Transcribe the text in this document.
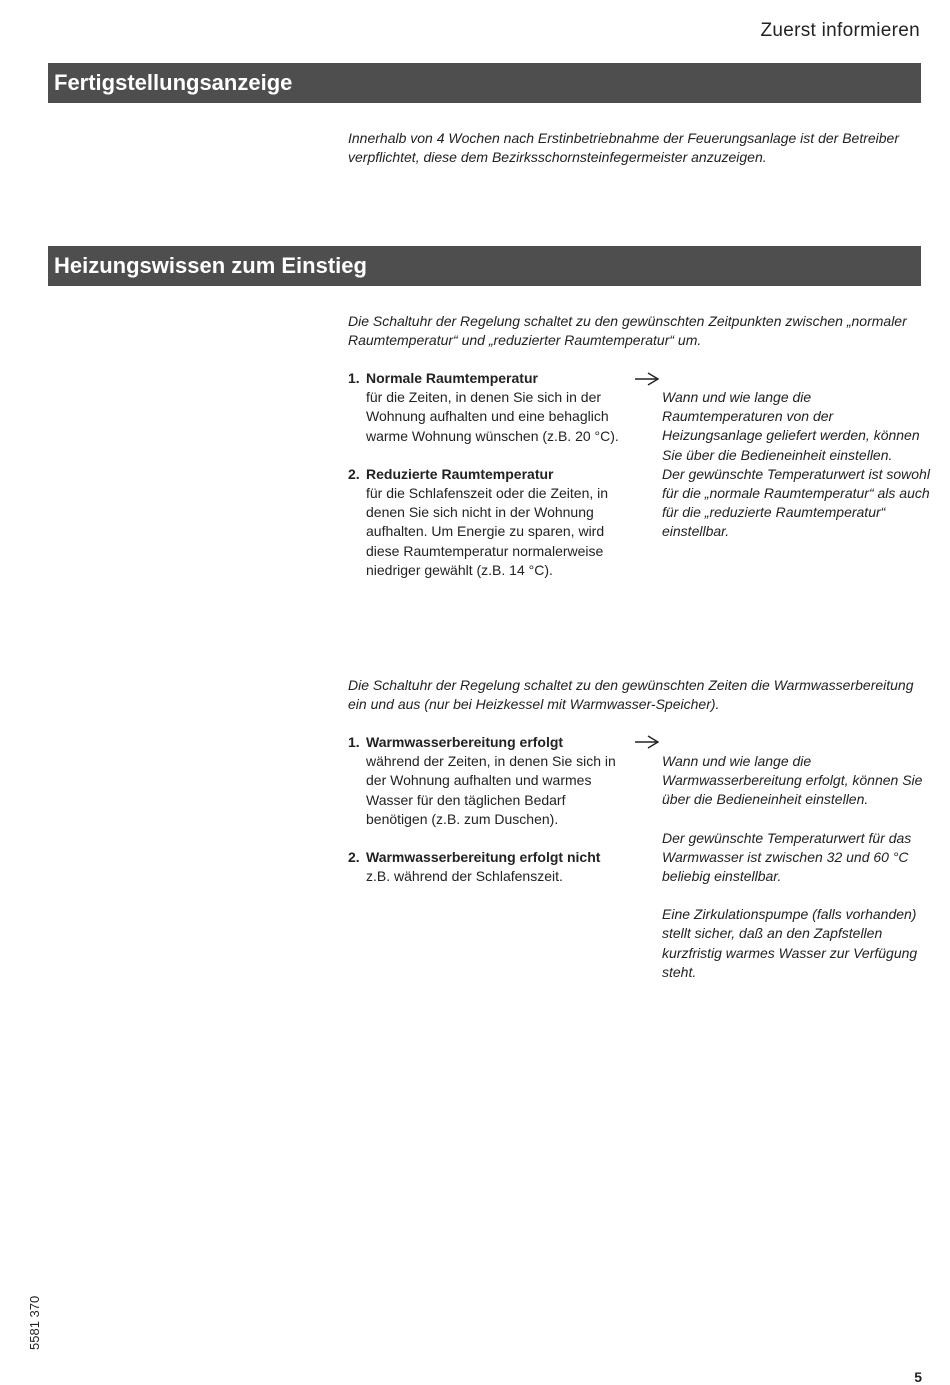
Zuerst informieren
Fertigstellungsanzeige
Innerhalb von 4 Wochen nach Erstinbetriebnahme der Feuerungsanlage ist der Betreiber verpflichtet, diese dem Bezirksschornsteinfegermeister anzuzeigen.
Heizungswissen zum Einstieg
Die Schaltuhr der Regelung schaltet zu den gewünschten Zeitpunkten zwischen „normaler Raumtemperatur“ und „reduzierter Raumtemperatur“ um.
1. Normale Raumtemperatur
für die Zeiten, in denen Sie sich in der Wohnung aufhalten und eine behaglich warme Wohnung wünschen (z.B. 20 °C).
2. Reduzierte Raumtemperatur
für die Schlafenszeit oder die Zeiten, in denen Sie sich nicht in der Wohnung aufhalten. Um Energie zu sparen, wird diese Raumtemperatur normalerweise niedriger gewählt (z.B. 14 °C).

Wann und wie lange die Raumtemperaturen von der Heizungsanlage geliefert werden, können Sie über die Bedieneinheit einstellen.

Der gewünschte Temperaturwert ist sowohl für die „normale Raumtemperatur“ als auch für die „reduzierte Raumtemperatur“ einstellbar.

Die Schaltuhr der Regelung schaltet zu den gewünschten Zeiten die Warmwasserbereitung ein und aus (nur bei Heizkessel mit Warmwasser-Speicher).
1. Warmwasserbereitung erfolgt
während der Zeiten, in denen Sie sich in der Wohnung aufhalten und warmes Wasser für den täglichen Bedarf benötigen (z.B. zum Duschen).
2. Warmwasserbereitung erfolgt nicht
z.B. während der Schlafenszeit.

Wann und wie lange die Warmwasserbereitung erfolgt, können Sie über die Bedieneinheit einstellen.

Der gewünschte Temperaturwert für das Warmwasser ist zwischen 32 und 60 °C beliebig einstellbar.

Eine Zirkulationspumpe (falls vorhanden) stellt sicher, daß an den Zapfstellen kurzfristig warmes Wasser zur Verfügung steht.

5581 370
5
